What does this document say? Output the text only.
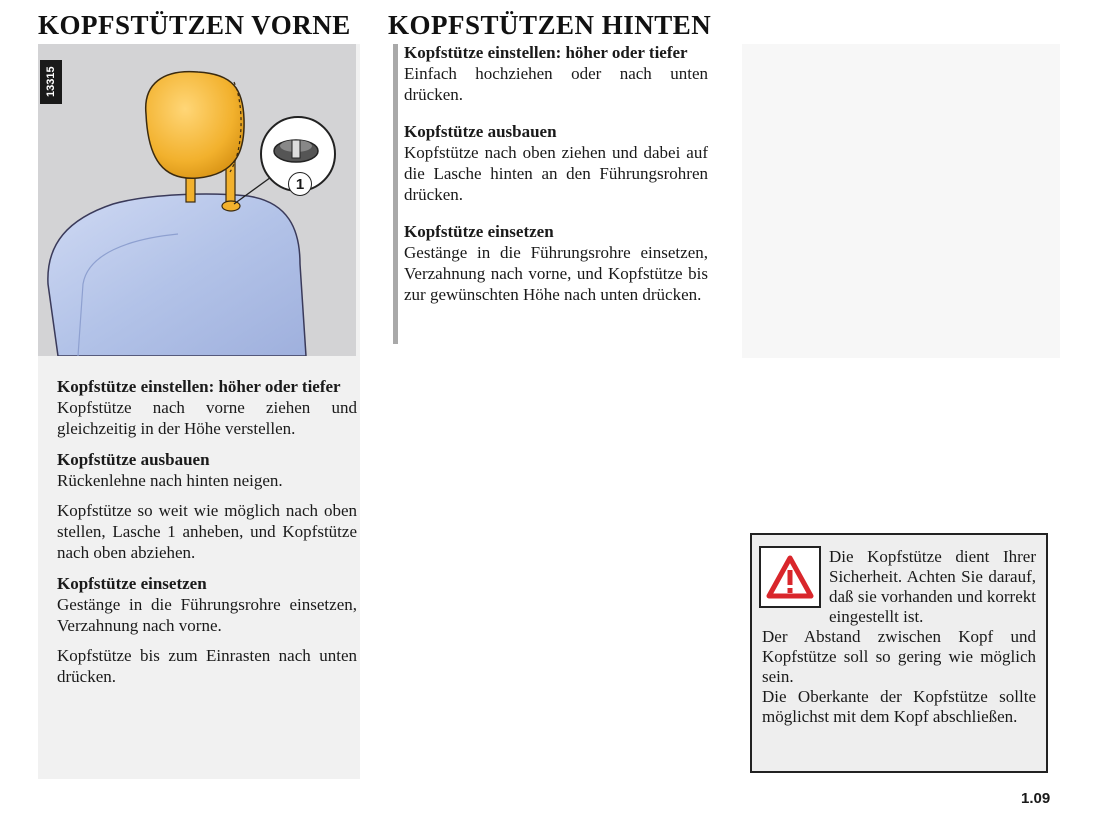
KOPFSTÜTZEN VORNE
13315
1

Kopfstütze einstellen: höher oder tiefer

Kopfstütze nach vorne ziehen und gleichzeitig in der Höhe verstellen.

Kopfstütze ausbauen

Rückenlehne nach hinten neigen.

Kopfstütze so weit wie möglich nach oben stellen, Lasche 1 anheben, und Kopfstütze nach oben abziehen.

Kopfstütze einsetzen

Gestänge in die Führungsrohre einsetzen, Verzahnung nach vorne.

Kopfstütze bis zum Einrasten nach unten drücken.

KOPFSTÜTZEN HINTEN

Kopfstütze einstellen: höher oder tiefer

Einfach hochziehen oder nach unten drücken.

Kopfstütze ausbauen

Kopfstütze nach oben ziehen und dabei auf die Lasche hinten an den Führungsrohren drücken.

Kopfstütze einsetzen

Gestänge in die Führungsrohre einsetzen, Verzahnung nach vorne, und Kopfstütze bis zur gewünschten Höhe nach unten drücken.

Die Kopfstütze dient Ihrer Sicherheit. Achten Sie darauf, daß sie vorhanden und korrekt eingestellt ist.
Der Abstand zwischen Kopf und Kopfstütze soll so gering wie möglich sein.
Die Oberkante der Kopfstütze sollte möglichst mit dem Kopf abschließen.

1.09
